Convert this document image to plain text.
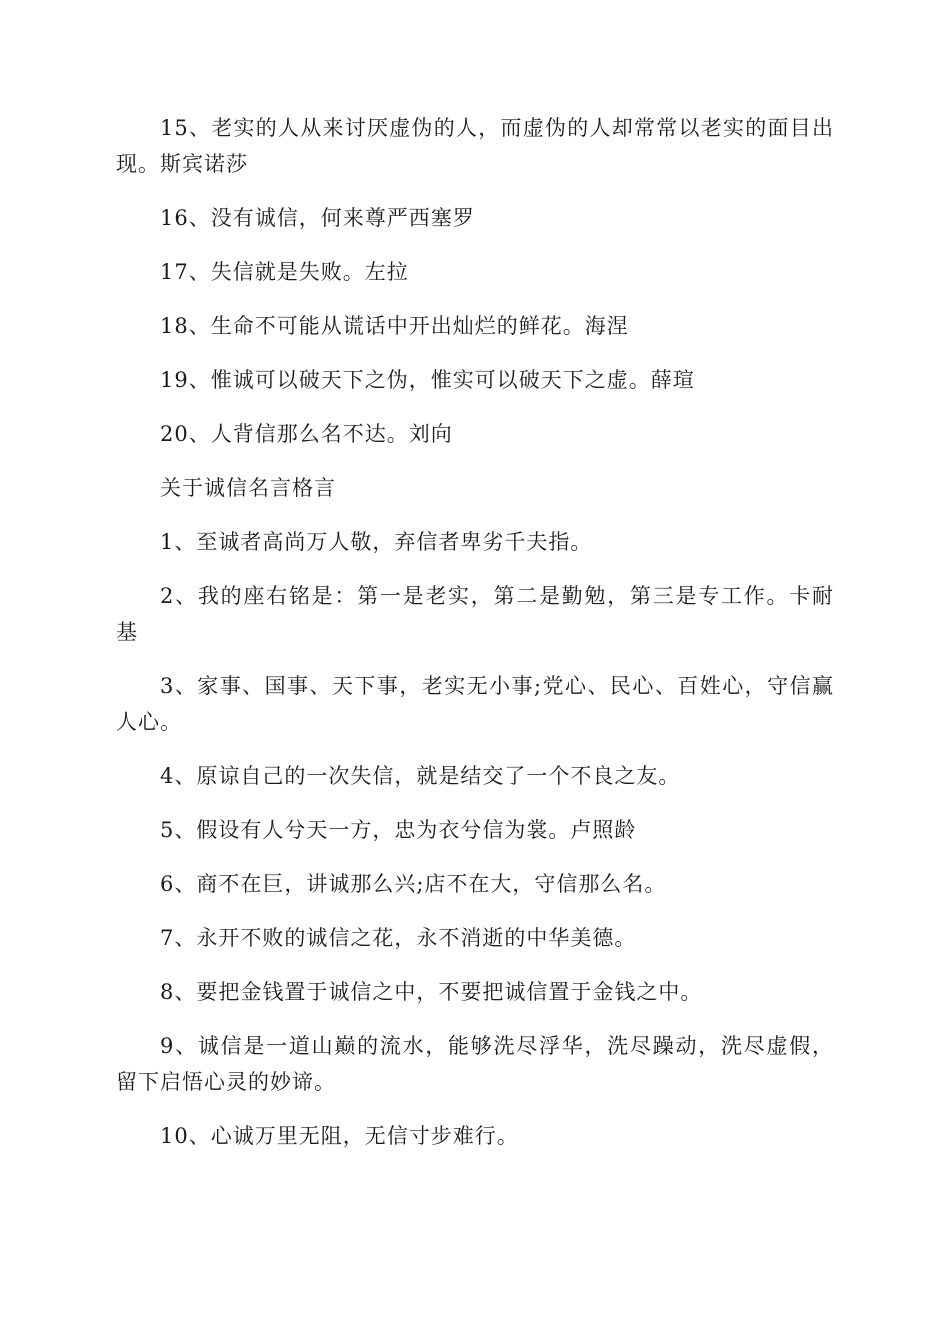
15、老实的人从来讨厌虚伪的人，而虚伪的人却常常以老实的面目出现。斯宾诺莎

16、没有诚信，何来尊严西塞罗

17、失信就是失败。左拉

18、生命不可能从谎话中开出灿烂的鲜花。海涅

19、惟诚可以破天下之伪，惟实可以破天下之虚。薛瑄

20、人背信那么名不达。刘向

关于诚信名言格言

1、至诚者高尚万人敬，弃信者卑劣千夫指。

2、我的座右铭是：第一是老实，第二是勤勉，第三是专工作。卡耐基

3、家事、国事、天下事，老实无小事;党心、民心、百姓心，守信赢人心。

4、原谅自己的一次失信，就是结交了一个不良之友。

5、假设有人兮天一方，忠为衣兮信为裳。卢照龄

6、商不在巨，讲诚那么兴;店不在大，守信那么名。

7、永开不败的诚信之花，永不消逝的中华美德。

8、要把金钱置于诚信之中，不要把诚信置于金钱之中。

9、诚信是一道山巅的流水，能够洗尽浮华，洗尽躁动，洗尽虚假，留下启悟心灵的妙谛。

10、心诚万里无阻，无信寸步难行。
